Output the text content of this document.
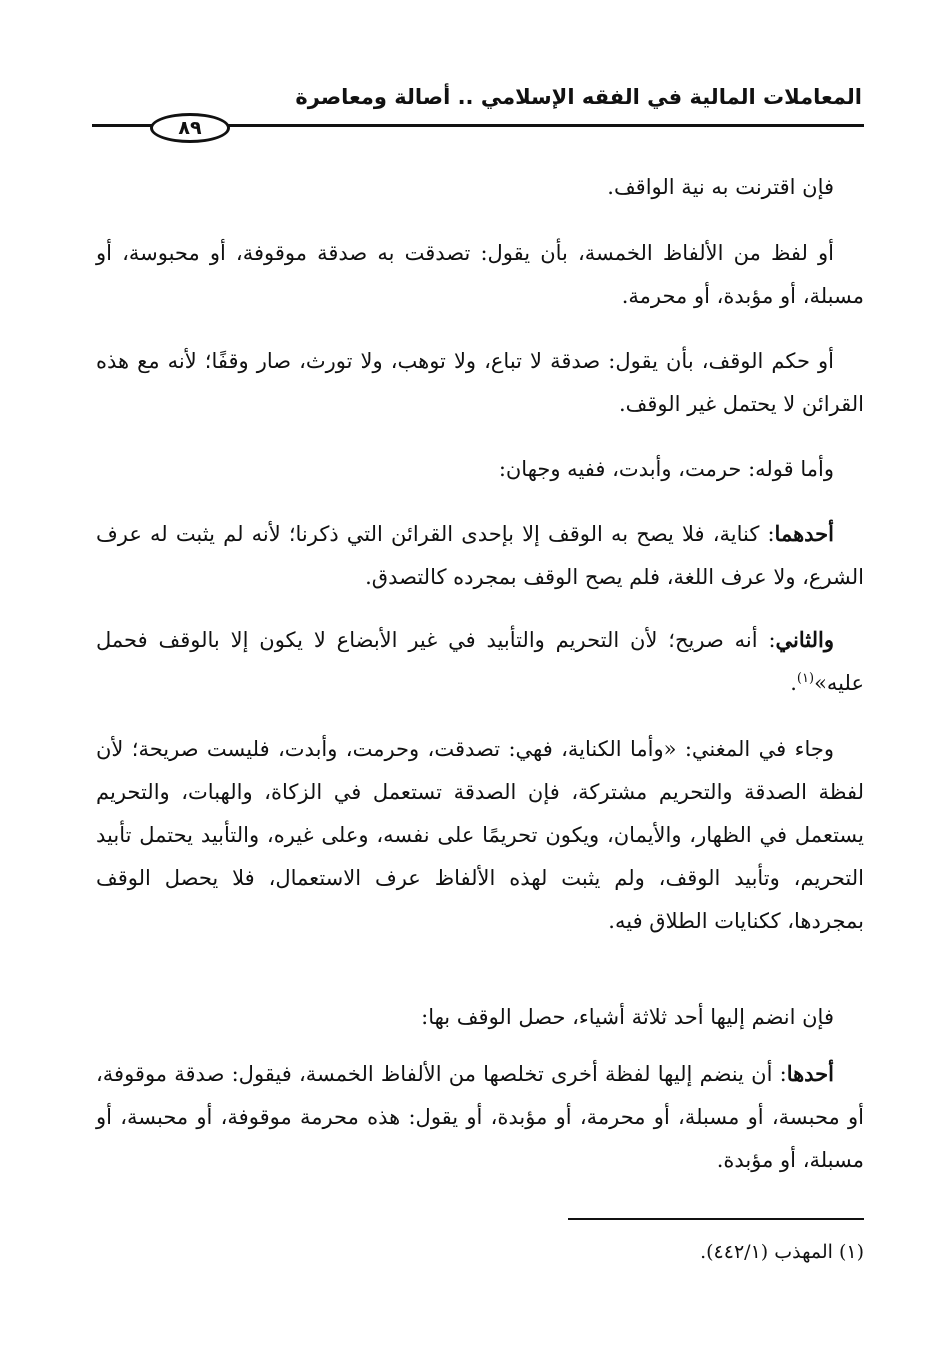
المعاملات المالية في الفقه الإسلامي .. أصالة ومعاصرة
٨٩

فإن اقترنت به نية الواقف.

أو لفظ من الألفاظ الخمسة، بأن يقول: تصدقت به صدقة موقوفة، أو محبوسة، أو مسبلة، أو مؤبدة، أو محرمة.

أو حكم الوقف، بأن يقول: صدقة لا تباع، ولا توهب، ولا تورث، صار وقفًا؛ لأنه مع هذه القرائن لا يحتمل غير الوقف.

وأما قوله: حرمت، وأبدت، ففيه وجهان:

أحدهما: كناية، فلا يصح به الوقف إلا بإحدى القرائن التي ذكرنا؛ لأنه لم يثبت له عرف الشرع، ولا عرف اللغة، فلم يصح الوقف بمجرده كالتصدق.

والثاني: أنه صريح؛ لأن التحريم والتأبيد في غير الأبضاع لا يكون إلا بالوقف فحمل عليه»$^{(١)}$.

وجاء في المغني: «وأما الكناية، فهي: تصدقت، وحرمت، وأبدت، فليست صريحة؛ لأن لفظة الصدقة والتحريم مشتركة، فإن الصدقة تستعمل في الزكاة، والهبات، والتحريم يستعمل في الظهار، والأيمان، ويكون تحريمًا على نفسه، وعلى غيره، والتأبيد يحتمل تأبيد التحريم، وتأبيد الوقف، ولم يثبت لهذه الألفاظ عرف الاستعمال، فلا يحصل الوقف بمجردها، ككنايات الطلاق فيه.

فإن انضم إليها أحد ثلاثة أشياء، حصل الوقف بها:

أحدها: أن ينضم إليها لفظة أخرى تخلصها من الألفاظ الخمسة، فيقول: صدقة موقوفة، أو محبسة، أو مسبلة، أو محرمة، أو مؤبدة، أو يقول: هذه محرمة موقوفة، أو محبسة، أو مسبلة، أو مؤبدة.

(١) المهذب (٤٤٢/١).
